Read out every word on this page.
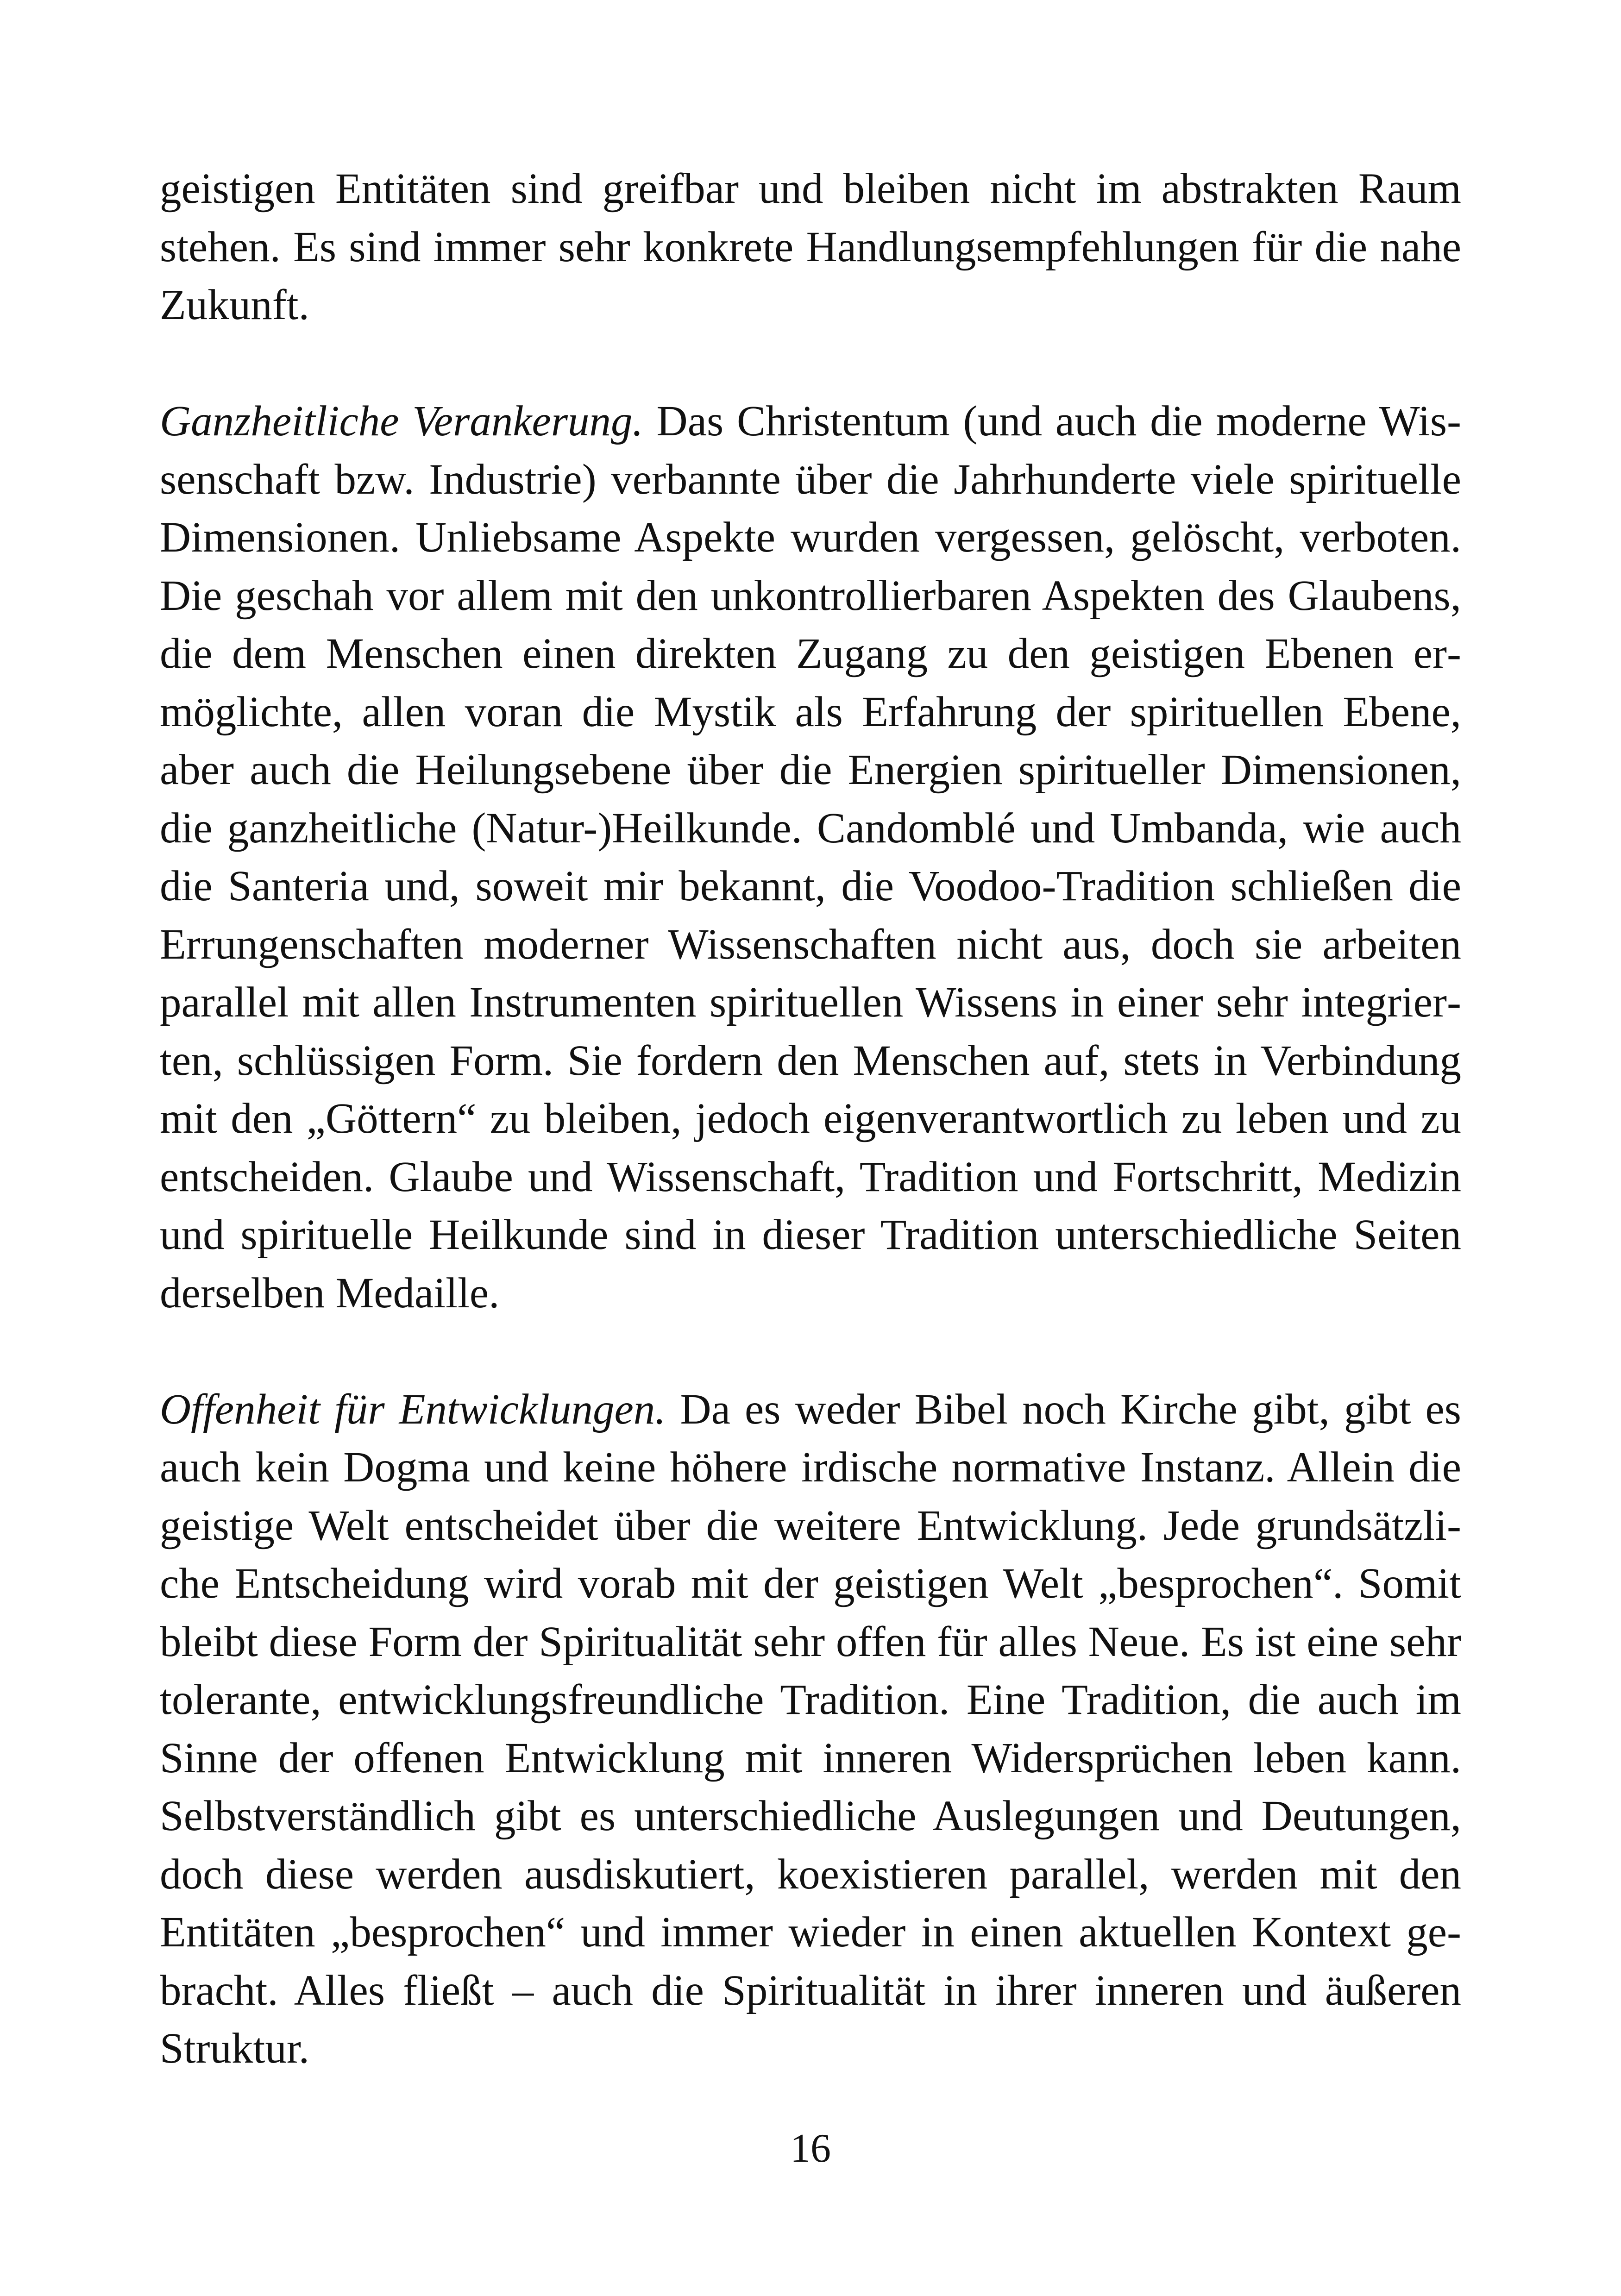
geistigen Entitäten sind greifbar und bleiben nicht im abstrakten Raum stehen. Es sind immer sehr konkrete Handlungsempfehlungen für die nahe Zukunft.

Ganzheitliche Verankerung. Das Christentum (und auch die moderne Wissenschaft bzw. Industrie) verbannte über die Jahrhunderte viele spirituelle Dimensionen. Unliebsame Aspekte wurden vergessen, gelöscht, verboten. Die geschah vor allem mit den unkontrollierbaren Aspekten des Glaubens, die dem Menschen einen direkten Zugang zu den geistigen Ebenen ermöglichte, allen voran die Mystik als Erfahrung der spirituellen Ebene, aber auch die Heilungsebene über die Energien spiritueller Dimensionen, die ganzheitliche (Natur-)Heilkunde. Candomblé und Umbanda, wie auch die Santeria und, soweit mir bekannt, die Voodoo-Tradition schließen die Errungenschaften moderner Wissenschaften nicht aus, doch sie arbeiten parallel mit allen Instrumenten spirituellen Wissens in einer sehr integrierten, schlüssigen Form. Sie fordern den Menschen auf, stets in Verbindung mit den „Göttern“ zu bleiben, jedoch eigenverantwortlich zu leben und zu entscheiden. Glaube und Wissenschaft, Tradition und Fortschritt, Medizin und spirituelle Heilkunde sind in dieser Tradition unterschiedliche Seiten derselben Medaille.

Offenheit für Entwicklungen. Da es weder Bibel noch Kirche gibt, gibt es auch kein Dogma und keine höhere irdische normative Instanz. Allein die geistige Welt entscheidet über die weitere Entwicklung. Jede grundsätzliche Entscheidung wird vorab mit der geistigen Welt „besprochen“. Somit bleibt diese Form der Spiritualität sehr offen für alles Neue. Es ist eine sehr tolerante, entwicklungsfreundliche Tradition. Eine Tradition, die auch im Sinne der offenen Entwicklung mit inneren Widersprüchen leben kann. Selbstverständlich gibt es unterschiedliche Auslegungen und Deutungen, doch diese werden ausdiskutiert, koexistieren parallel, werden mit den Entitäten „besprochen“ und immer wieder in einen aktuellen Kontext gebracht. Alles fließt – auch die Spiritualität in ihrer inneren und äußeren Struktur.

16
